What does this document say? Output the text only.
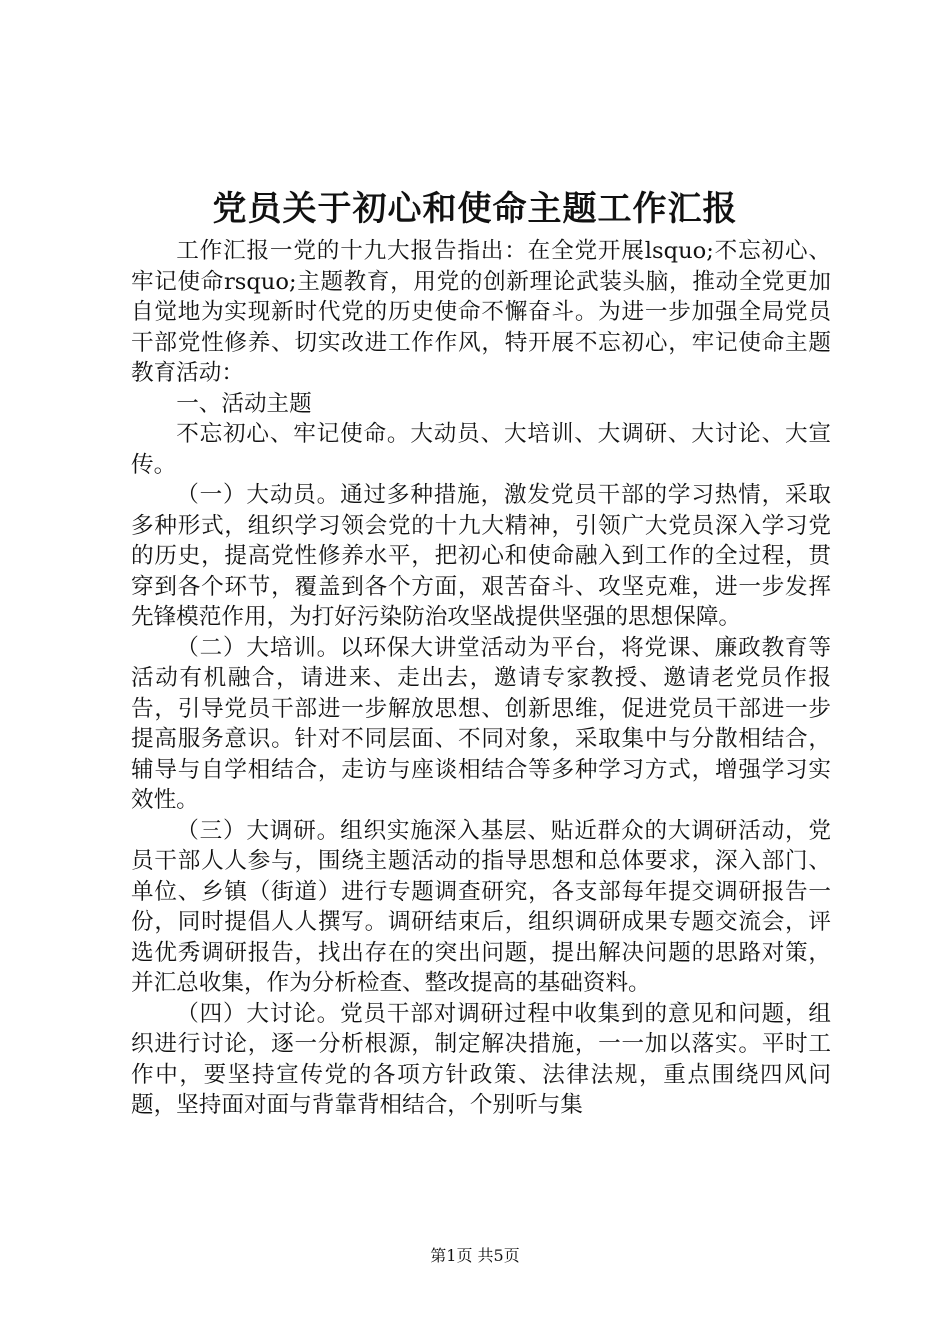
党员关于初心和使命主题工作汇报

工作汇报一党的十九大报告指出：在全党开展lsquo;不忘初心、牢记使命rsquo;主题教育，用党的创新理论武装头脑，推动全党更加自觉地为实现新时代党的历史使命不懈奋斗。为进一步加强全局党员干部党性修养、切实改进工作作风，特开展不忘初心，牢记使命主题教育活动：

一、活动主题

不忘初心、牢记使命。大动员、大培训、大调研、大讨论、大宣传。

（一）大动员。通过多种措施，激发党员干部的学习热情，采取多种形式，组织学习领会党的十九大精神，引领广大党员深入学习党的历史，提高党性修养水平，把初心和使命融入到工作的全过程，贯穿到各个环节，覆盖到各个方面，艰苦奋斗、攻坚克难，进一步发挥先锋模范作用，为打好污染防治攻坚战提供坚强的思想保障。

（二）大培训。以环保大讲堂活动为平台，将党课、廉政教育等活动有机融合，请进来、走出去，邀请专家教授、邀请老党员作报告，引导党员干部进一步解放思想、创新思维，促进党员干部进一步提高服务意识。针对不同层面、不同对象，采取集中与分散相结合，辅导与自学相结合，走访与座谈相结合等多种学习方式，增强学习实效性。

（三）大调研。组织实施深入基层、贴近群众的大调研活动，党员干部人人参与，围绕主题活动的指导思想和总体要求，深入部门、单位、乡镇（街道）进行专题调查研究，各支部每年提交调研报告一份，同时提倡人人撰写。调研结束后，组织调研成果专题交流会，评选优秀调研报告，找出存在的突出问题，提出解决问题的思路对策，并汇总收集，作为分析检查、整改提高的基础资料。

（四）大讨论。党员干部对调研过程中收集到的意见和问题，组织进行讨论，逐一分析根源，制定解决措施，一一加以落实。平时工作中，要坚持宣传党的各项方针政策、法律法规，重点围绕四风问题，坚持面对面与背靠背相结合，个别听与集

第1页 共5页
